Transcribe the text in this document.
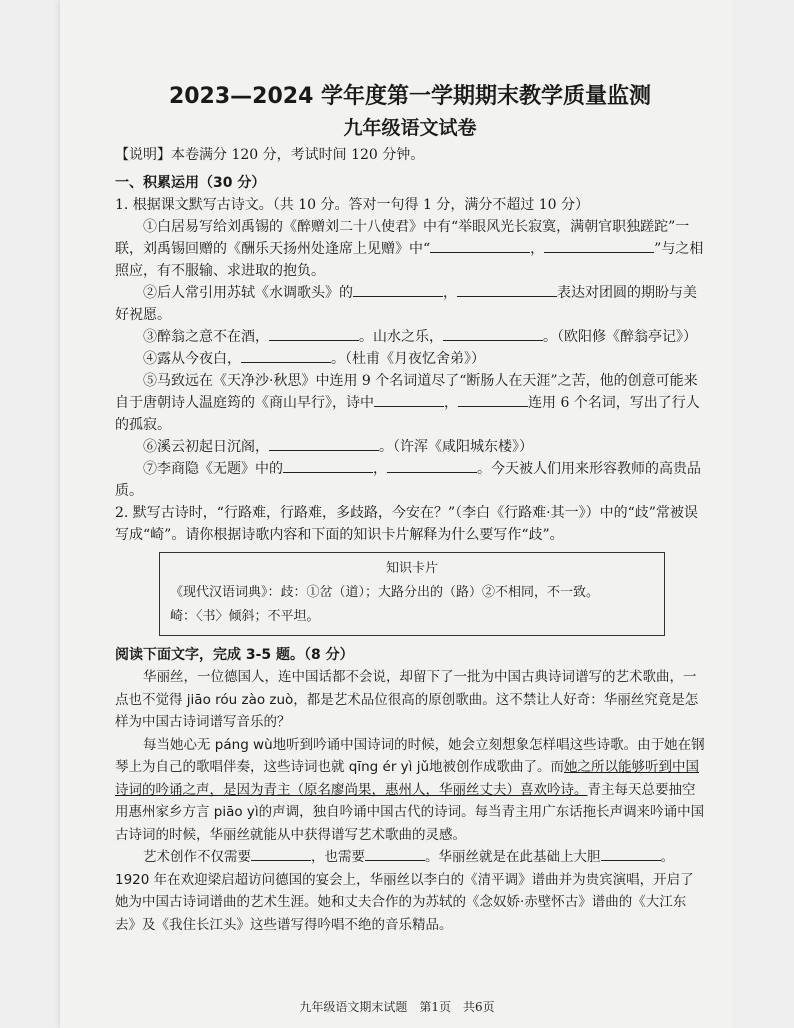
2023—2024 学年度第一学期期末教学质量监测
九年级语文试卷

【说明】本卷满分 120 分，考试时间 120 分钟。

一、积累运用（30 分）

1. 根据课文默写古诗文。（共 10 分。答对一句得 1 分，满分不超过 10 分）

①白居易写给刘禹锡的《醉赠刘二十八使君》中有“举眼风光长寂寞，满朝官职独蹉跎”一联，刘禹锡回赠的《酬乐天扬州处逢席上见赠》中“	，	”与之相照应，有不服输、求进取的抱负。

②后人常引用苏轼《水调歌头》的	，	表达对团圆的期盼与美好祝愿。

③醉翁之意不在酒，	。山水之乐，	。（欧阳修《醉翁亭记》）

④露从今夜白，	。（杜甫《月夜忆舍弟》）

⑤马致远在《天净沙·秋思》中连用 9 个名词道尽了“断肠人在天涯”之苦，他的创意可能来自于唐朝诗人温庭筠的《商山早行》，诗中	，	连用 6 个名词，写出了行人的孤寂。

⑥溪云初起日沉阁，	。（许浑《咸阳城东楼》）

⑦李商隐《无题》中的	，	。今天被人们用来形容教师的高贵品质。

2. 默写古诗时，“行路难，行路难，多歧路，今安在？”（李白《行路难·其一》）中的“歧”常被误写成“崎”。请你根据诗歌内容和下面的知识卡片解释为什么要写作“歧”。

知识卡片
《现代汉语词典》：歧：①岔（道）；大路分出的（路）②不相同，不一致。
崎：〈书〉倾斜；不平坦。

阅读下面文字，完成 3-5 题。（8 分）

华丽丝，一位德国人，连中国话都不会说，却留下了一批为中国古典诗词谱写的艺术歌曲，一点也不觉得 jiāo róu zào zuò，都是艺术品位很高的原创歌曲。这不禁让人好奇：华丽丝究竟是怎样为中国古诗词谱写音乐的？

每当她心无 páng wù地听到吟诵中国诗词的时候，她会立刻想象怎样唱这些诗歌。由于她在钢琴上为自己的歌唱伴奏，这些诗词也就 qīng ér yì jǔ地被创作成歌曲了。而她之所以能够听到中国诗词的吟诵之声，是因为青主（原名廖尚果，惠州人，华丽丝丈夫）喜欢吟诗。青主每天总要抽空用惠州家乡方言 piāo yì的声调，独自吟诵中国古代的诗词。每当青主用广东话拖长声调来吟诵中国古诗词的时候，华丽丝就能从中获得谱写艺术歌曲的灵感。

艺术创作不仅需要	，也需要	。华丽丝就是在此基础上大胆	。

1920 年在欢迎梁启超访问德国的宴会上，华丽丝以李白的《清平调》谱曲并为贵宾演唱，开启了她为中国古诗词谱曲的艺术生涯。她和丈夫合作的为苏轼的《念奴娇·赤壁怀古》谱曲的《大江东去》及《我住长江头》这些谱写得吟唱不绝的音乐精品。

九年级语文期末试题　第1页　共6页
